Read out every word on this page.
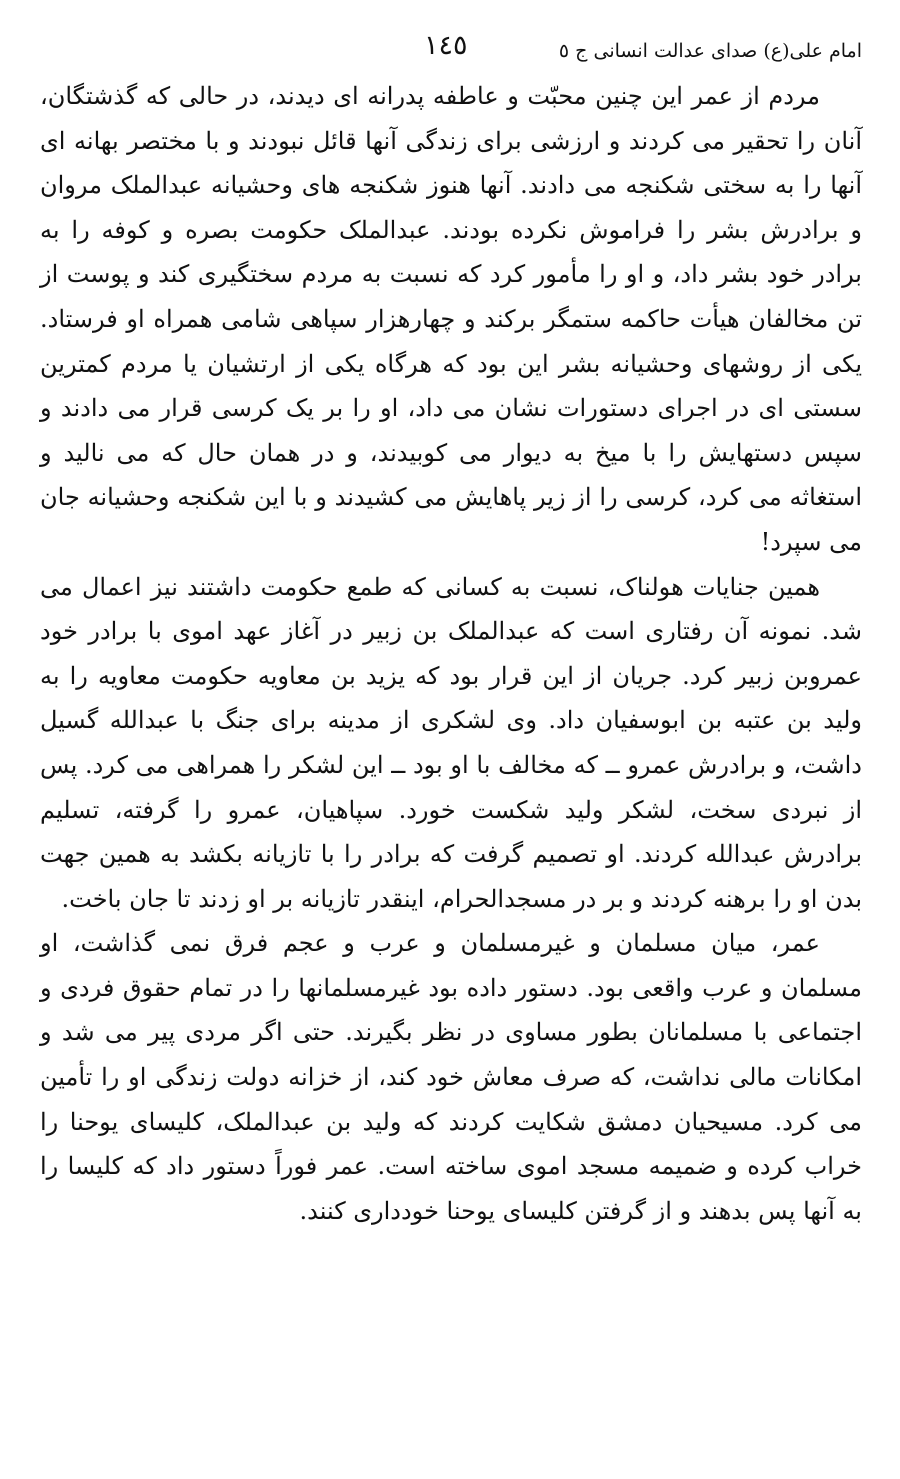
امام علی(ع) صدای عدالت انسانی ج ٥
١٤٥

مردم از عمر این چنین محبّت و عاطفه پدرانه ای دیدند، در حالی که گذشتگان، آنان را تحقیر می کردند و ارزشی برای زندگی آنها قائل نبودند و با مختصر بهانه ای آنها را به سختی شکنجه می دادند. آنها هنوز شکنجه های وحشیانه عبدالملک مروان و برادرش بشر را فراموش نکرده بودند. عبدالملک حکومت بصره و کوفه را به برادر خود بشر داد، و او را مأمور کرد که نسبت به مردم سختگیری کند و پوست از تن مخالفان هیأت حاکمه ستمگر برکند و چهارهزار سپاهی شامی همراه او فرستاد. یکی از روشهای وحشیانه بشر این بود که هرگاه یکی از ارتشیان یا مردم کمترین سستی ای در اجرای دستورات نشان می داد، او را بر یک کرسی قرار می دادند و سپس دستهایش را با میخ به دیوار می کوبیدند، و در همان حال که می نالید و استغاثه می کرد، کرسی را از زیر پاهایش می کشیدند و با این شکنجه وحشیانه جان می سپرد!

همین جنایات هولناک، نسبت به کسانی که طمع حکومت داشتند نیز اعمال می شد. نمونه آن رفتاری است که عبدالملک بن زبیر در آغاز عهد اموی با برادر خود عمروبن زبیر کرد. جریان از این قرار بود که یزید بن معاویه حکومت معاویه را به ولید بن عتبه بن ابوسفیان داد. وی لشکری از مدینه برای جنگ با عبدالله گسیل داشت، و برادرش عمرو ــ که مخالف با او بود ــ این لشکر را همراهی می کرد. پس از نبردی سخت، لشکر ولید شکست خورد. سپاهیان، عمرو را گرفته، تسلیم برادرش عبدالله کردند. او تصمیم گرفت که برادر را با تازیانه بکشد به همین جهت بدن او را برهنه کردند و بر در مسجدالحرام، اینقدر تازیانه بر او زدند تا جان باخت.

عمر، میان مسلمان و غیرمسلمان و عرب و عجم فرق نمی گذاشت، او مسلمان و عرب واقعی بود. دستور داده بود غیرمسلمانها را در تمام حقوق فردی و اجتماعی با مسلمانان بطور مساوی در نظر بگیرند. حتی اگر مردی پیر می شد و امکانات مالی نداشت، که صرف معاش خود کند، از خزانه دولت زندگی او را تأمین می کرد. مسیحیان دمشق شکایت کردند که ولید بن عبدالملک، کلیسای یوحنا را خراب کرده و ضمیمه مسجد اموی ساخته است. عمر فوراً دستور داد که کلیسا را به آنها پس بدهند و از گرفتن کلیسای یوحنا خودداری کنند.
